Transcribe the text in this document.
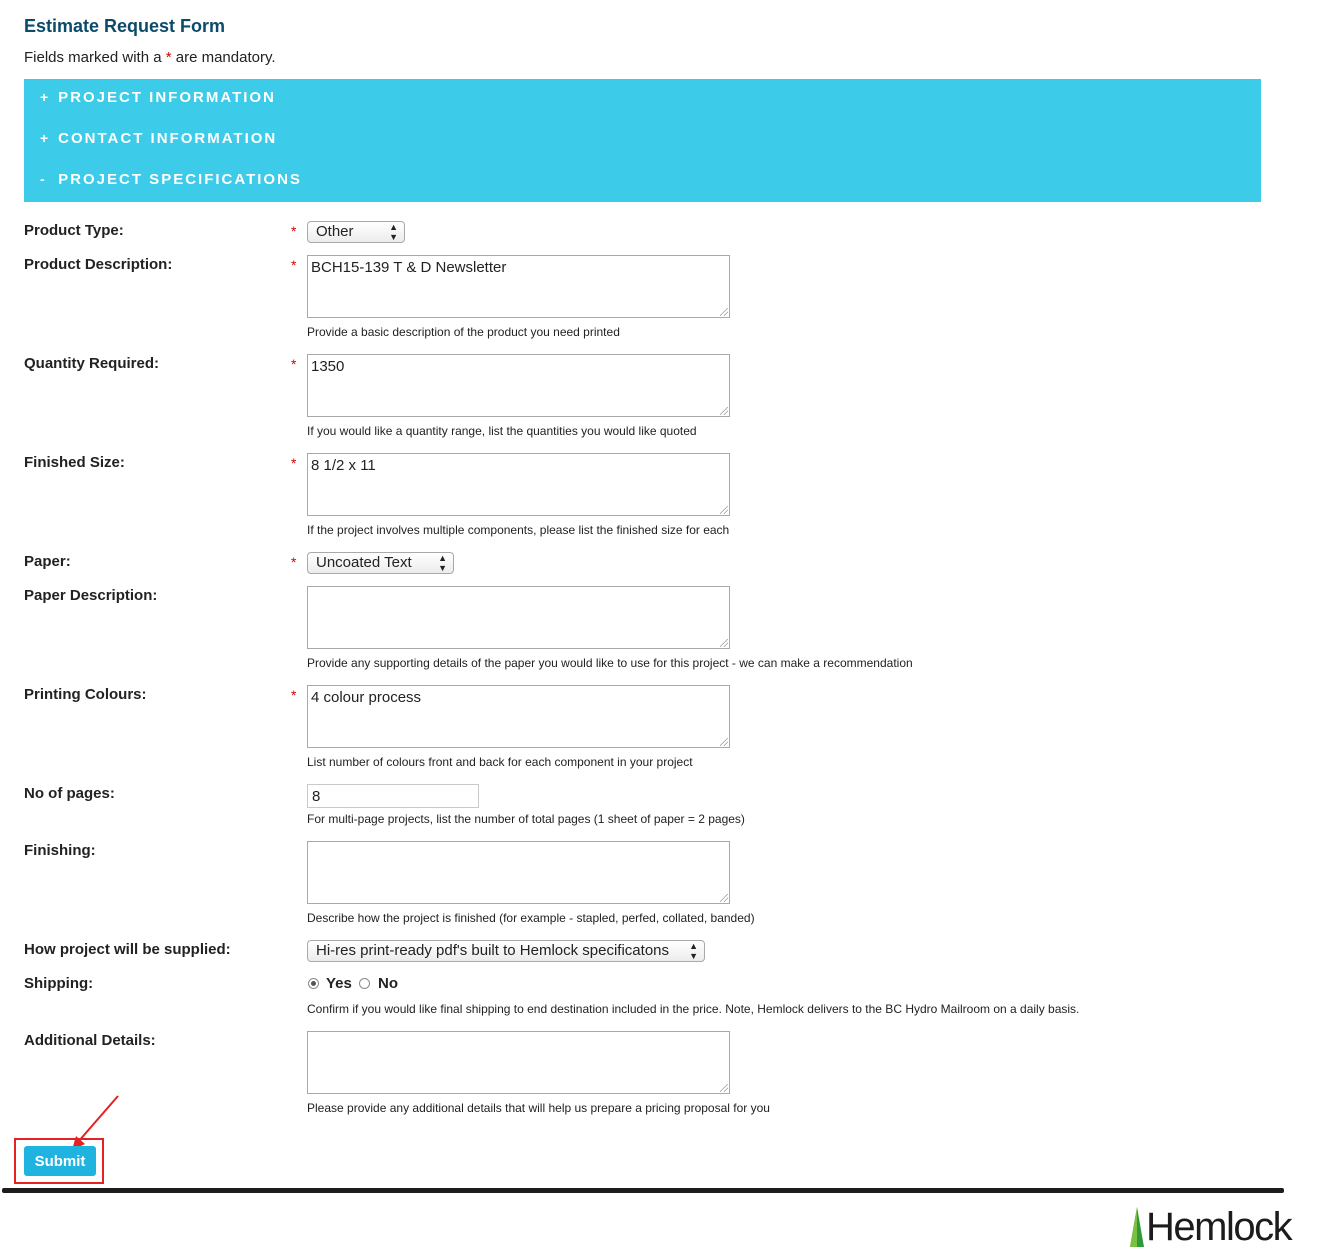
Estimate Request Form
Fields marked with a * are mandatory.
+ PROJECT INFORMATION
+ CONTACT INFORMATION
- PROJECT SPECIFICATIONS
Product Type:	*	Other	▲
▼
Product Description:	* BCH15-139 T & D Newsletter
Provide a basic description of the product you need printed
Quantity Required:	* 1350
If you would like a quantity range, list the quantities you would like quoted
Finished Size:	* 8 1/2 x 11
If the project involves multiple components, please list the finished size for each
Paper:	*	Uncoated Text	▲
▼
Paper Description:
Provide any supporting details of the paper you would like to use for this project - we can make a recommendation
Printing Colours:	* 4 colour process
List number of colours front and back for each component in your project
No of pages:	8
For multi-page projects, list the number of total pages (1 sheet of paper = 2 pages)
Finishing:
Describe how the project is finished (for example - stapled, perfed, collated, banded)
How project will be supplied:	Hi-res print-ready pdf's built to Hemlock specificatons ▲
▼
Shipping:	Yes No
Confirm if you would like final shipping to end destination included in the price. Note, Hemlock delivers to the BC Hydro Mailroom on a daily basis.
Additional Details:
Please provide any additional details that will help us prepare a pricing proposal for you
Submit
Hemlock
